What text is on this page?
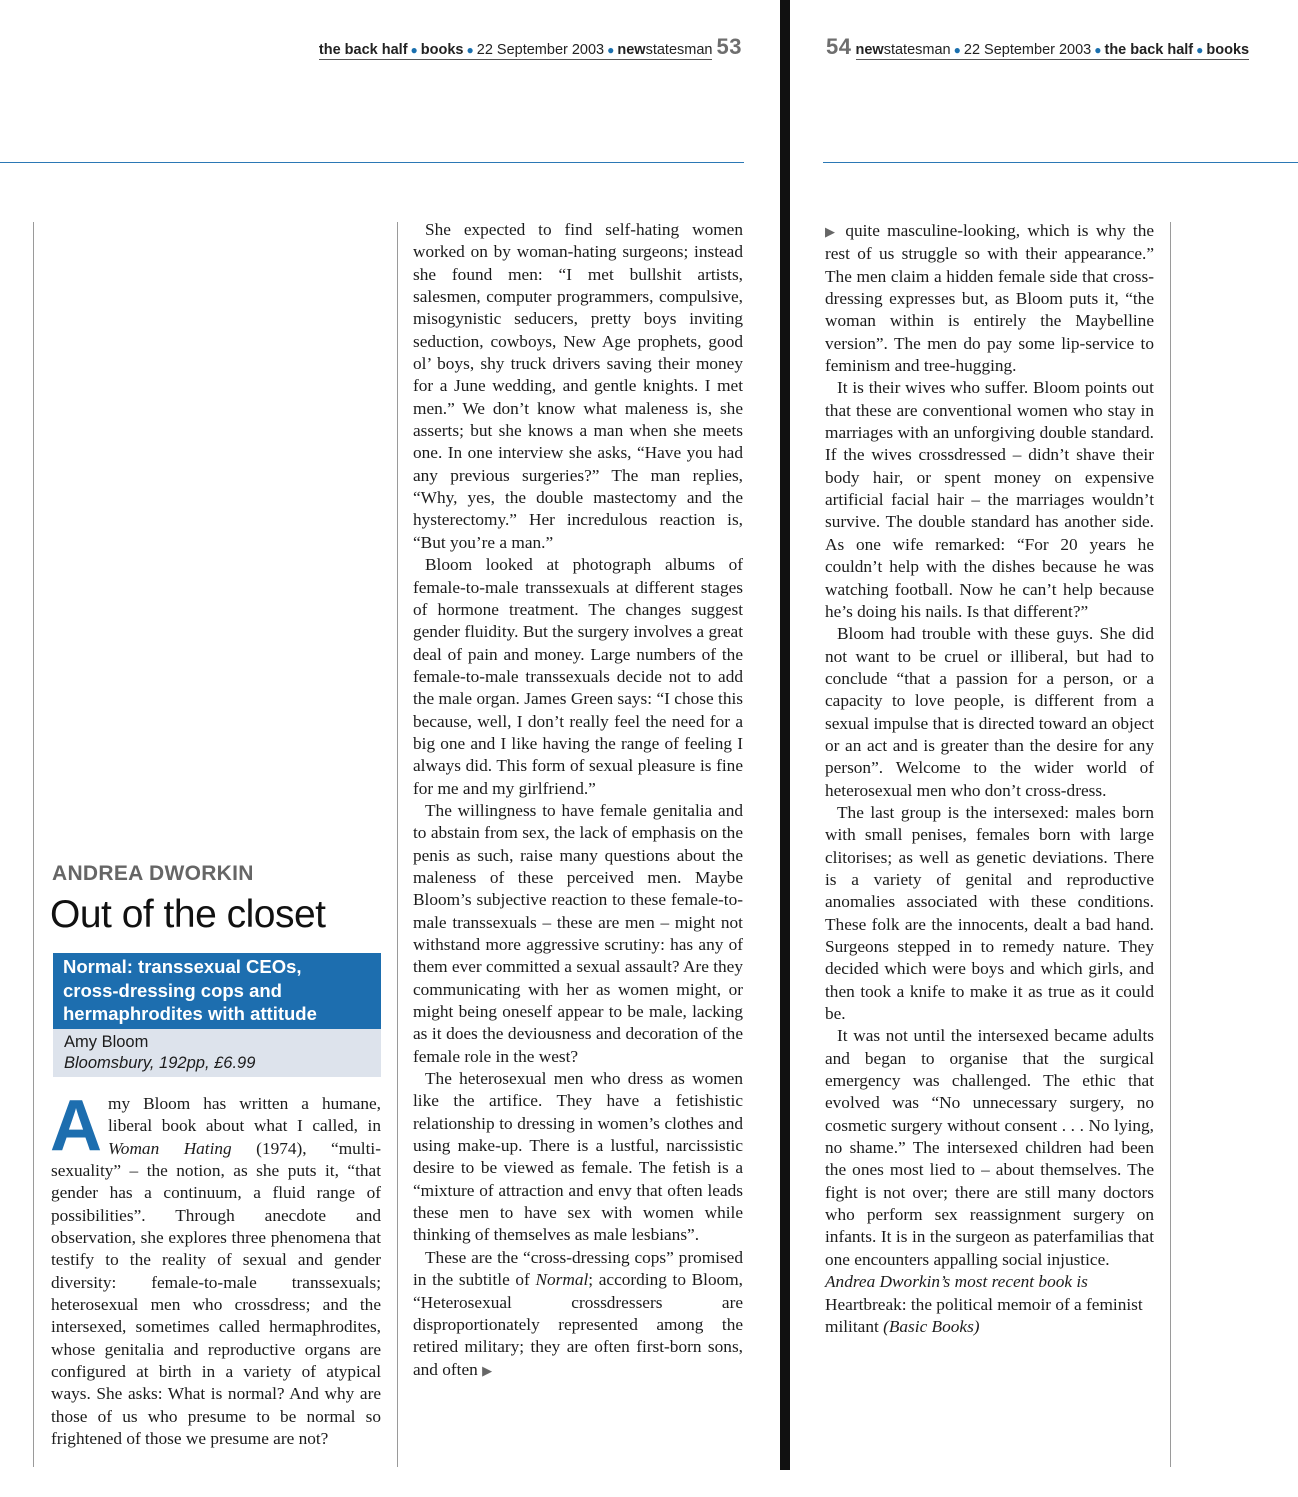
the back half ● books ● 22 September 2003 ● newstatesman 53
ANDREA DWORKIN
Out of the closet
Normal: transsexual CEOs,
cross-dressing cops and
hermaphrodites with attitude
Amy Bloom
Bloomsbury, 192pp, £6.99

Amy Bloom has written a humane, liberal book about what I called, in Woman Hating (1974), “multisexuality” – the notion, as she puts it, “that gender has a continuum, a fluid range of possibilities”. Through anecdote and observation, she explores three phenomena that testify to the reality of sexual and gender diversity: female-to-male transsexuals; heterosexual men who crossdress; and the intersexed, sometimes called hermaphrodites, whose genitalia and reproductive organs are configured at birth in a variety of atypical ways. She asks: What is normal? And why are those of us who presume to be normal so frightened of those we presume are not?

She expected to find self-hating women worked on by woman-hating surgeons; instead she found men: “I met bullshit artists, salesmen, computer programmers, compulsive, misogynistic seducers, pretty boys inviting seduction, cowboys, New Age prophets, good ol’ boys, shy truck drivers saving their money for a June wedding, and gentle knights. I met men.” We don’t know what maleness is, she asserts; but she knows a man when she meets one. In one interview she asks, “Have you had any previous surgeries?” The man replies, “Why, yes, the double mastectomy and the hysterectomy.” Her incredulous reaction is, “But you’re a man.”

Bloom looked at photograph albums of female-to-male transsexuals at different stages of hormone treatment. The changes suggest gender fluidity. But the surgery involves a great deal of pain and money. Large numbers of the female-to-male transsexuals decide not to add the male organ. James Green says: “I chose this because, well, I don’t really feel the need for a big one and I like having the range of feeling I always did. This form of sexual pleasure is fine for me and my girlfriend.”

The willingness to have female genitalia and to abstain from sex, the lack of emphasis on the penis as such, raise many questions about the maleness of these perceived men. Maybe Bloom’s subjective reaction to these female-to-male transsexuals – these are men – might not withstand more aggressive scrutiny: has any of them ever committed a sexual assault? Are they communicating with her as women might, or might being oneself appear to be male, lacking as it does the deviousness and decoration of the female role in the west?

The heterosexual men who dress as women like the artifice. They have a fetishistic relationship to dressing in women’s clothes and using make-up. There is a lustful, narcissistic desire to be viewed as female. The fetish is a “mixture of attraction and envy that often leads these men to have sex with women while thinking of themselves as male lesbians”.

These are the “cross-dressing cops” promised in the subtitle of Normal; according to Bloom, “Heterosexual crossdressers are disproportionately represented among the retired military; they are often first-born sons, and often ▶

54 newstatesman ● 22 September 2003 ● the back half ● books

▶ quite masculine-looking, which is why the rest of us struggle so with their appearance.” The men claim a hidden female side that cross-dressing expresses but, as Bloom puts it, “the woman within is entirely the Maybelline version”. The men do pay some lip-service to feminism and tree-hugging.

It is their wives who suffer. Bloom points out that these are conventional women who stay in marriages with an unforgiving double standard. If the wives crossdressed – didn’t shave their body hair, or spent money on expensive artificial facial hair – the marriages wouldn’t survive. The double standard has another side. As one wife remarked: “For 20 years he couldn’t help with the dishes because he was watching football. Now he can’t help because he’s doing his nails. Is that different?”

Bloom had trouble with these guys. She did not want to be cruel or illiberal, but had to conclude “that a passion for a person, or a capacity to love people, is different from a sexual impulse that is directed toward an object or an act and is greater than the desire for any person”. Welcome to the wider world of heterosexual men who don’t cross-dress.

The last group is the intersexed: males born with small penises, females born with large clitorises; as well as genetic deviations. There is a variety of genital and reproductive anomalies associated with these conditions. These folk are the innocents, dealt a bad hand. Surgeons stepped in to remedy nature. They decided which were boys and which girls, and then took a knife to make it as true as it could be.

It was not until the intersexed became adults and began to organise that the surgical emergency was challenged. The ethic that evolved was “No unnecessary surgery, no cosmetic surgery without consent . . . No lying, no shame.” The intersexed children had been the ones most lied to – about themselves. The fight is not over; there are still many doctors who perform sex reassignment surgery on infants. It is in the surgeon as paterfamilias that one encounters appalling social injustice.

Andrea Dworkin’s most recent book is
Heartbreak: the political memoir of a feminist militant (Basic Books)
